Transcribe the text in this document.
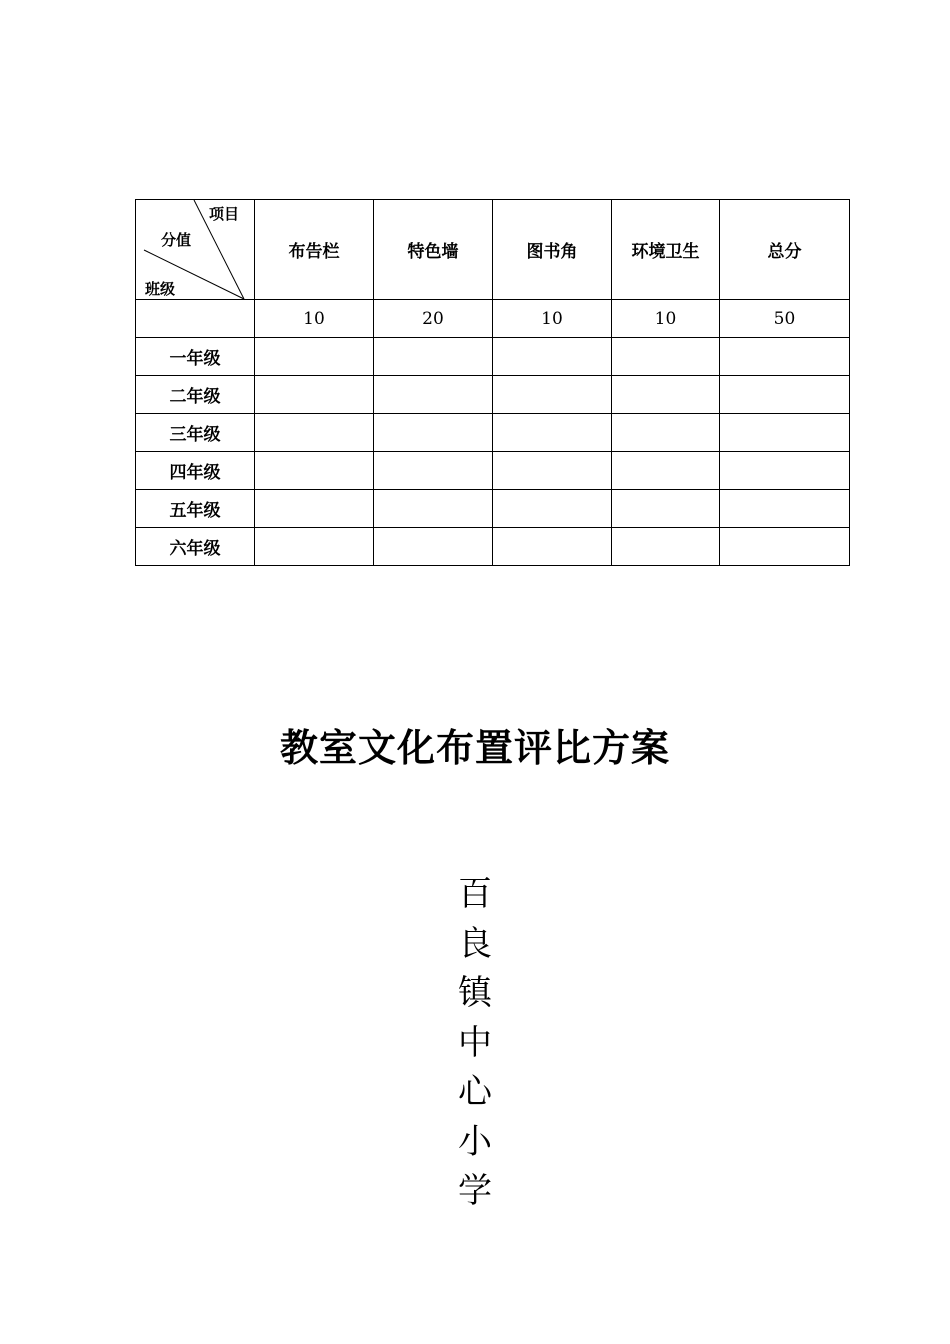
项目
分值
班级	布告栏	特色墙	图书角	环境卫生	总分
	10	20	10	10	50
一年级					
二年级					
三年级					
四年级					
五年级					
六年级					
教室文化布置评比方案
百
良
镇
中
心
小
学
